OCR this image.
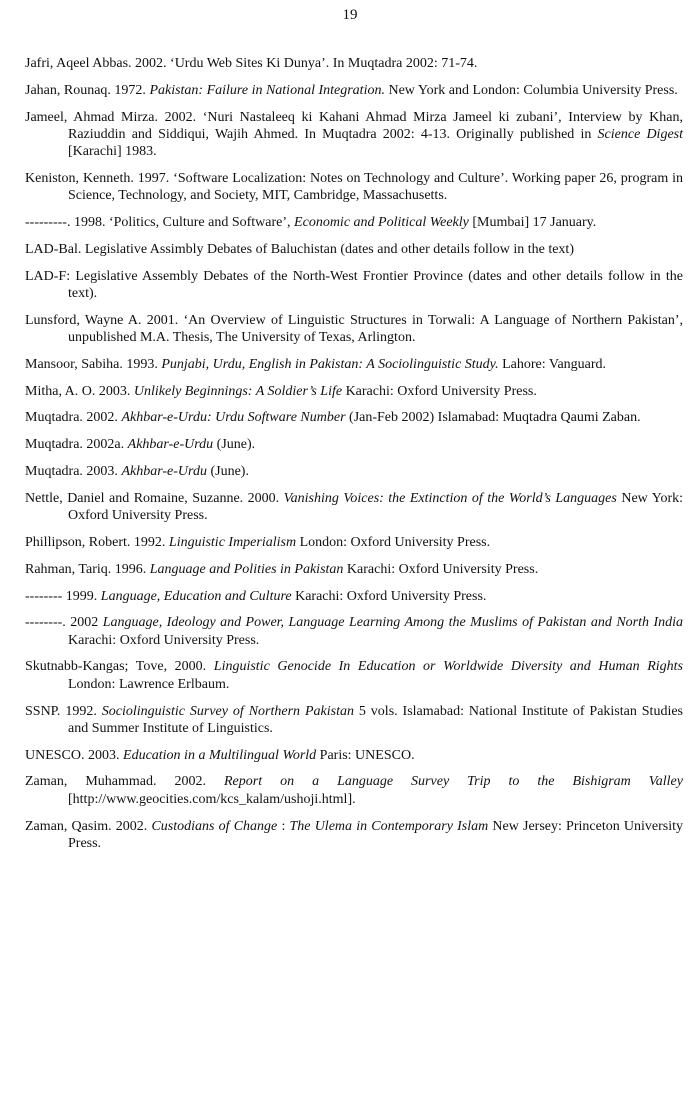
19

Jafri, Aqeel Abbas. 2002. ‘Urdu Web Sites Ki Dunya’. In Muqtadra 2002: 71-74.

Jahan, Rounaq. 1972. Pakistan: Failure in National Integration. New York and London: Columbia University Press.

Jameel, Ahmad Mirza. 2002. ‘Nuri Nastaleeq ki Kahani Ahmad Mirza Jameel ki zubani’, Interview by Khan, Raziuddin and Siddiqui, Wajih Ahmed. In Muqtadra 2002: 4-13. Originally published in Science Digest [Karachi] 1983.

Keniston, Kenneth. 1997. ‘Software Localization: Notes on Technology and Culture’. Working paper 26, program in Science, Technology, and Society, MIT, Cambridge, Massachusetts.

---------. 1998. ‘Politics, Culture and Software’, Economic and Political Weekly [Mumbai] 17 January.

LAD-Bal. Legislative Assimbly Debates of Baluchistan (dates and other details follow in the text)

LAD-F: Legislative Assembly Debates of the North-West Frontier Province (dates and other details follow in the text).

Lunsford, Wayne A. 2001. ‘An Overview of Linguistic Structures in Torwali: A Language of Northern Pakistan’, unpublished M.A. Thesis, The University of Texas, Arlington.

Mansoor, Sabiha. 1993. Punjabi, Urdu, English in Pakistan: A Sociolinguistic Study. Lahore: Vanguard.

Mitha, A. O. 2003. Unlikely Beginnings: A Soldier’s Life Karachi: Oxford University Press.

Muqtadra. 2002. Akhbar-e-Urdu: Urdu Software Number (Jan-Feb 2002) Islamabad: Muqtadra Qaumi Zaban.

Muqtadra. 2002a. Akhbar-e-Urdu (June).

Muqtadra. 2003. Akhbar-e-Urdu (June).

Nettle, Daniel and Romaine, Suzanne. 2000. Vanishing Voices: the Extinction of the World’s Languages New York: Oxford University Press.

Phillipson, Robert. 1992. Linguistic Imperialism London: Oxford University Press.

Rahman, Tariq. 1996. Language and Polities in Pakistan Karachi: Oxford University Press.

-------- 1999. Language, Education and Culture Karachi: Oxford University Press.

--------. 2002 Language, Ideology and Power, Language Learning Among the Muslims of Pakistan and North India Karachi: Oxford University Press.

Skutnabb-Kangas; Tove, 2000. Linguistic Genocide In Education or Worldwide Diversity and Human Rights London: Lawrence Erlbaum.

SSNP. 1992. Sociolinguistic Survey of Northern Pakistan 5 vols. Islamabad: National Institute of Pakistan Studies and Summer Institute of Linguistics.

UNESCO. 2003. Education in a Multilingual World Paris: UNESCO.

Zaman, Muhammad. 2002. Report on a Language Survey Trip to the Bishigram Valley [http://www.geocities.com/kcs_kalam/ushoji.html].

Zaman, Qasim. 2002. Custodians of Change : The Ulema in Contemporary Islam New Jersey: Princeton University Press.
